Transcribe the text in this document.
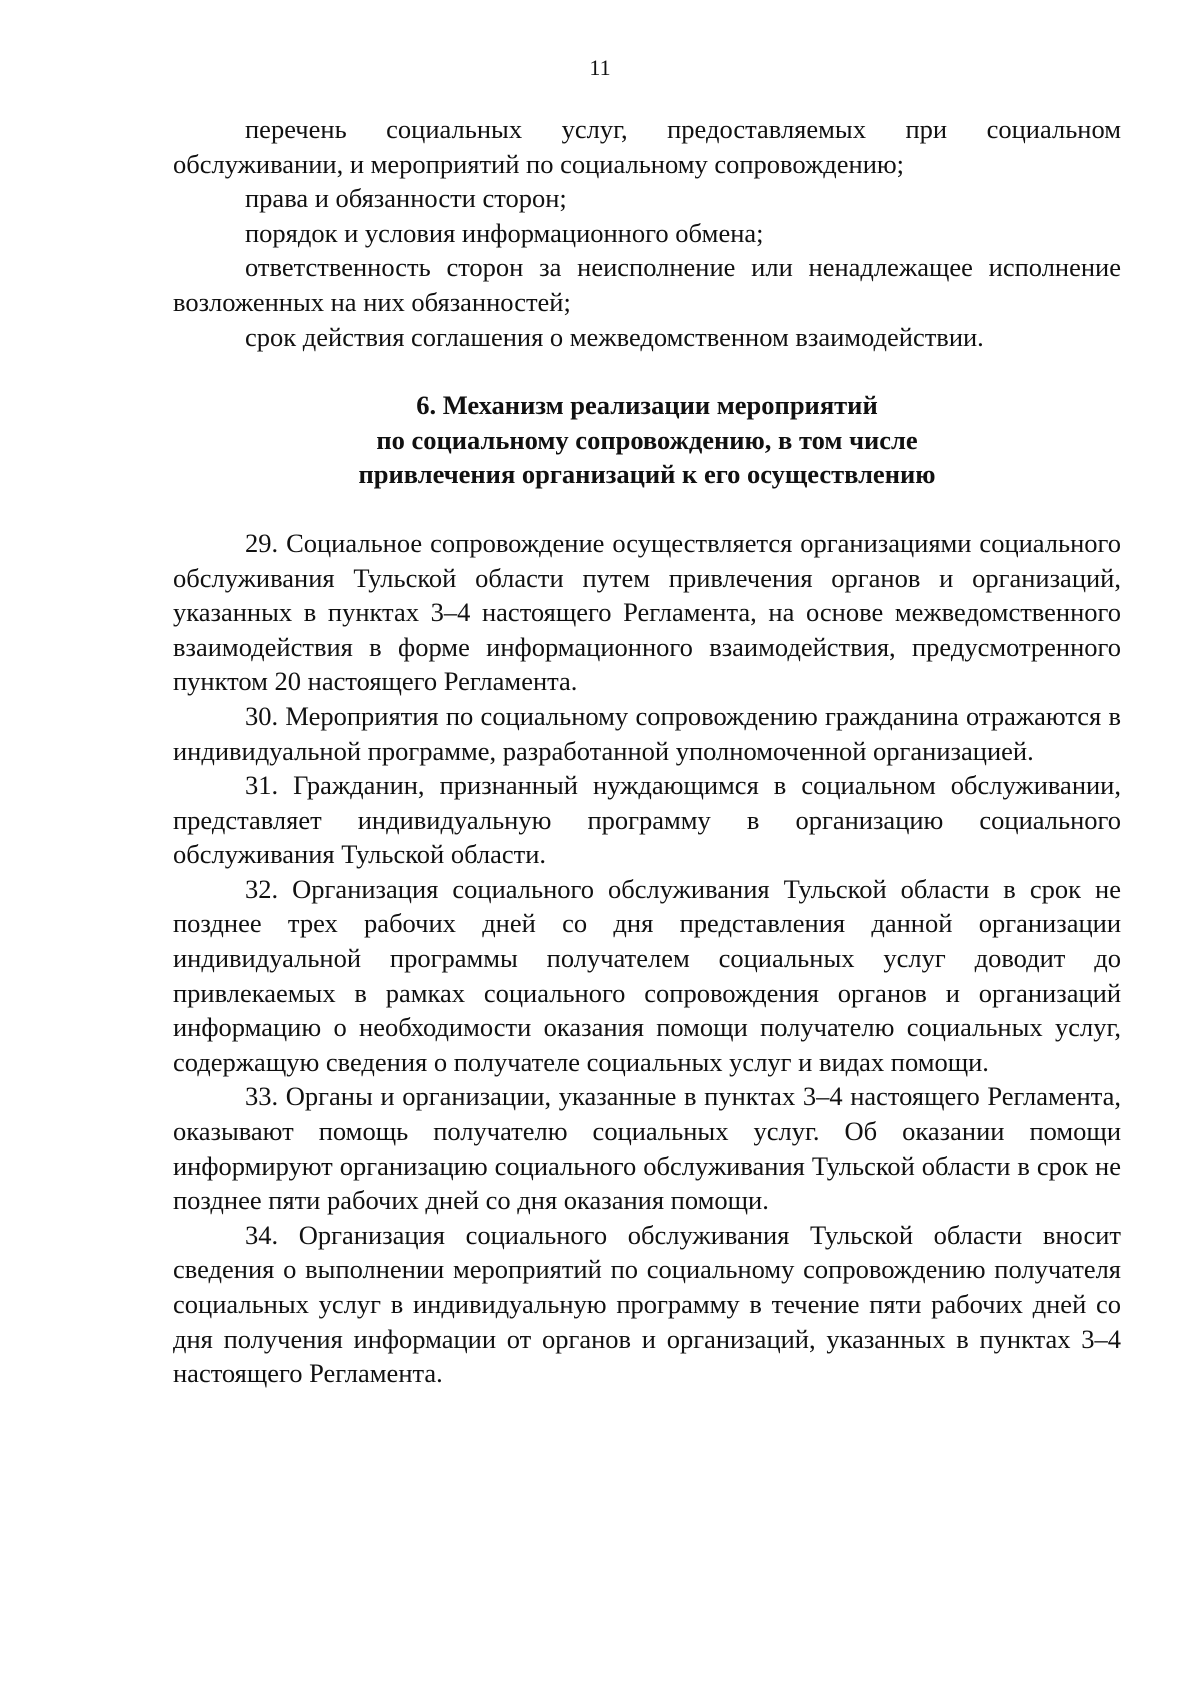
11

перечень социальных услуг, предоставляемых при социальном обслуживании, и мероприятий по социальному сопровождению;

права и обязанности сторон;

порядок и условия информационного обмена;

ответственность сторон за неисполнение или ненадлежащее исполнение возложенных на них обязанностей;

срок действия соглашения о межведомственном взаимодействии.

6. Механизм реализации мероприятий
по социальному сопровождению, в том числе
привлечения организаций к его осуществлению

29. Социальное сопровождение осуществляется организациями социального обслуживания Тульской области путем привлечения органов и организаций, указанных в пунктах 3–4 настоящего Регламента, на основе межведомственного взаимодействия в форме информационного взаимодействия, предусмотренного пунктом 20 настоящего Регламента.

30. Мероприятия по социальному сопровождению гражданина отражаются в индивидуальной программе, разработанной уполномоченной организацией.

31. Гражданин, признанный нуждающимся в социальном обслуживании, представляет индивидуальную программу в организацию социального обслуживания Тульской области.

32. Организация социального обслуживания Тульской области в срок не позднее трех рабочих дней со дня представления данной организации индивидуальной программы получателем социальных услуг доводит до привлекаемых в рамках социального сопровождения органов и организаций информацию о необходимости оказания помощи получателю социальных услуг, содержащую сведения о получателе социальных услуг и видах помощи.

33. Органы и организации, указанные в пунктах 3–4 настоящего Регламента, оказывают помощь получателю социальных услуг. Об оказании помощи информируют организацию социального обслуживания Тульской области в срок не позднее пяти рабочих дней со дня оказания помощи.

34. Организация социального обслуживания Тульской области вносит сведения о выполнении мероприятий по социальному сопровождению получателя социальных услуг в индивидуальную программу в течение пяти рабочих дней со дня получения информации от органов и организаций, указанных в пунктах 3–4 настоящего Регламента.
